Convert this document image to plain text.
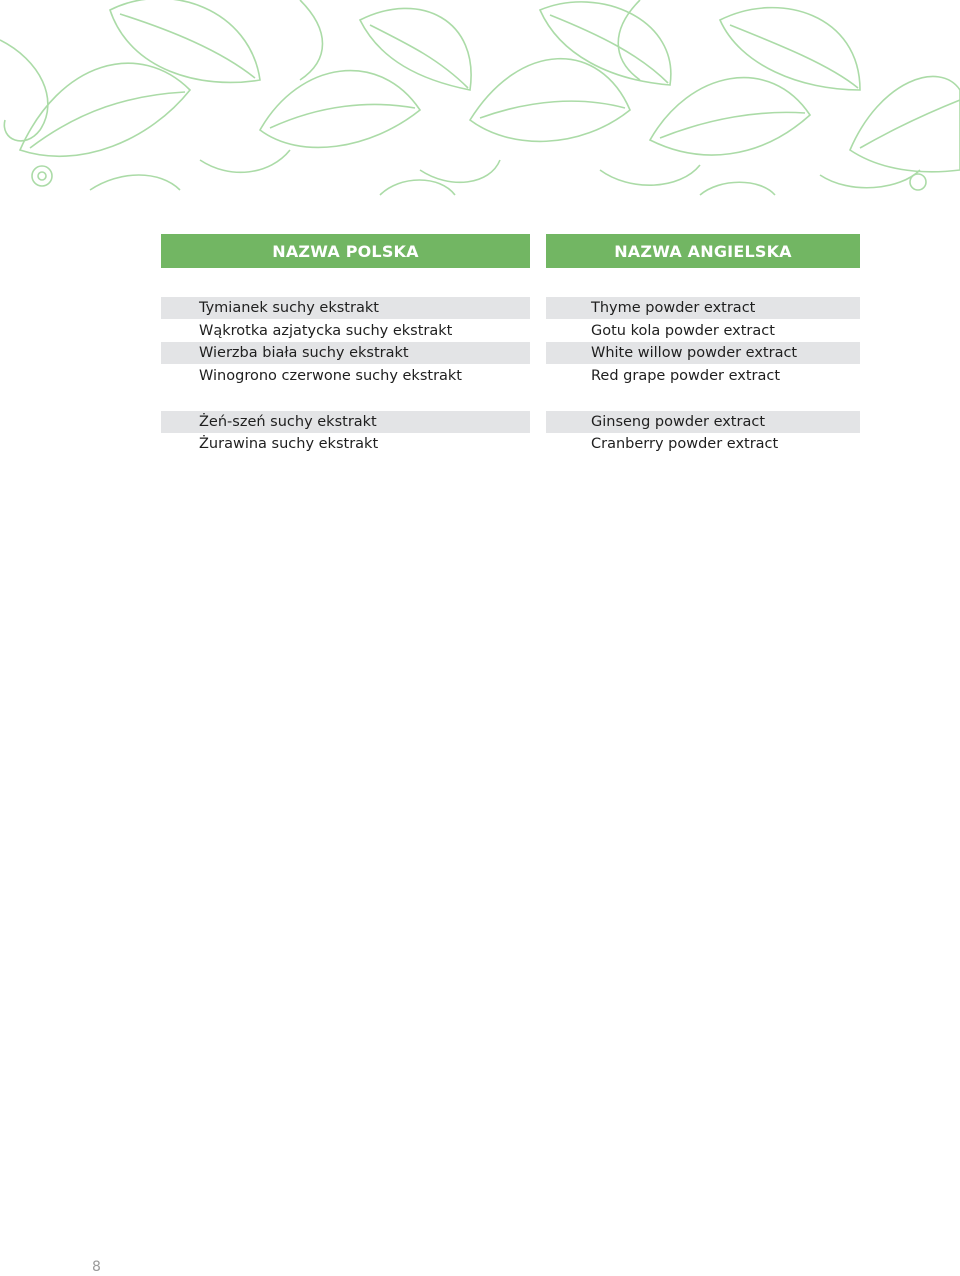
NAZWA POLSKA	NAZWA ANGIELSKA
Tymianek suchy ekstrakt	Thyme powder extract
Wąkrotka azjatycka suchy ekstrakt	Gotu kola powder extract
Wierzba biała suchy ekstrakt	White willow powder extract
Winogrono czerwone suchy ekstrakt	Red grape powder extract
Żeń-szeń suchy ekstrakt	Ginseng powder extract
Żurawina suchy ekstrakt	Cranberry powder extract
8
